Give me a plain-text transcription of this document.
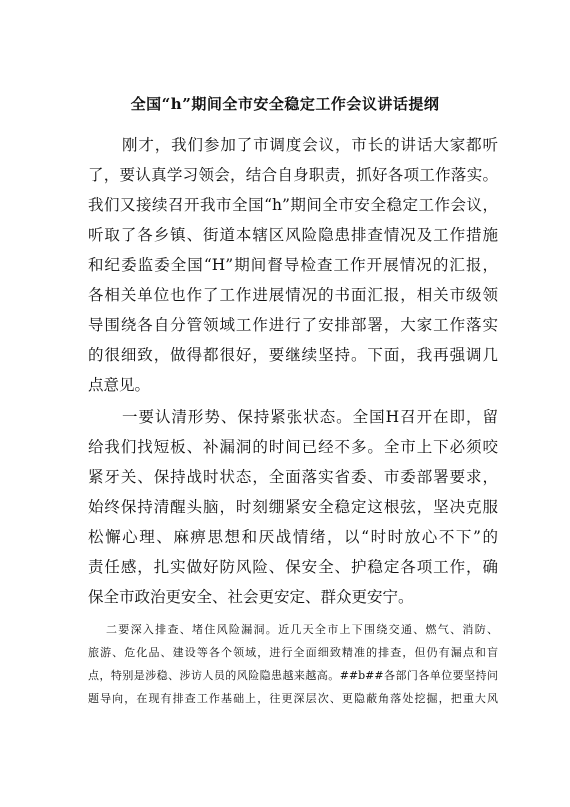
全国“h”期间全市安全稳定工作会议讲话提纲
刚才，我们参加了市调度会议，市长的讲话大家都听
了，要认真学习领会，结合自身职责，抓好各项工作落实。
我们又接续召开我市全国“h”期间全市安全稳定工作会议，
听取了各乡镇、街道本辖区风险隐患排查情况及工作措施
和纪委监委全国“H”期间督导检查工作开展情况的汇报，
各相关单位也作了工作进展情况的书面汇报，相关市级领
导围绕各自分管领域工作进行了安排部署，大家工作落实
的很细致，做得都很好，要继续坚持。下面，我再强调几
点意见。
一要认清形势、保持紧张状态。全国H召开在即，留
给我们找短板、补漏洞的时间已经不多。全市上下必须咬
紧牙关、保持战时状态，全面落实省委、市委部署要求，
始终保持清醒头脑，时刻绷紧安全稳定这根弦，坚决克服
松懈心理、麻痹思想和厌战情绪，以“时时放心不下”的
责任感，扎实做好防风险、保安全、护稳定各项工作，确
保全市政治更安全、社会更安定、群众更安宁。
二要深入排查、堵住风险漏洞。近几天全市上下围绕交通、燃气、消防、
旅游、危化品、建设等各个领域，进行全面细致精准的排查，但仍有漏点和盲
点，特别是涉稳、涉访人员的风险隐患越来越高。##b##各部门各单位要坚持问
题导向，在现有排查工作基础上，往更深层次、更隐蔽角落处挖掘，把重大风
